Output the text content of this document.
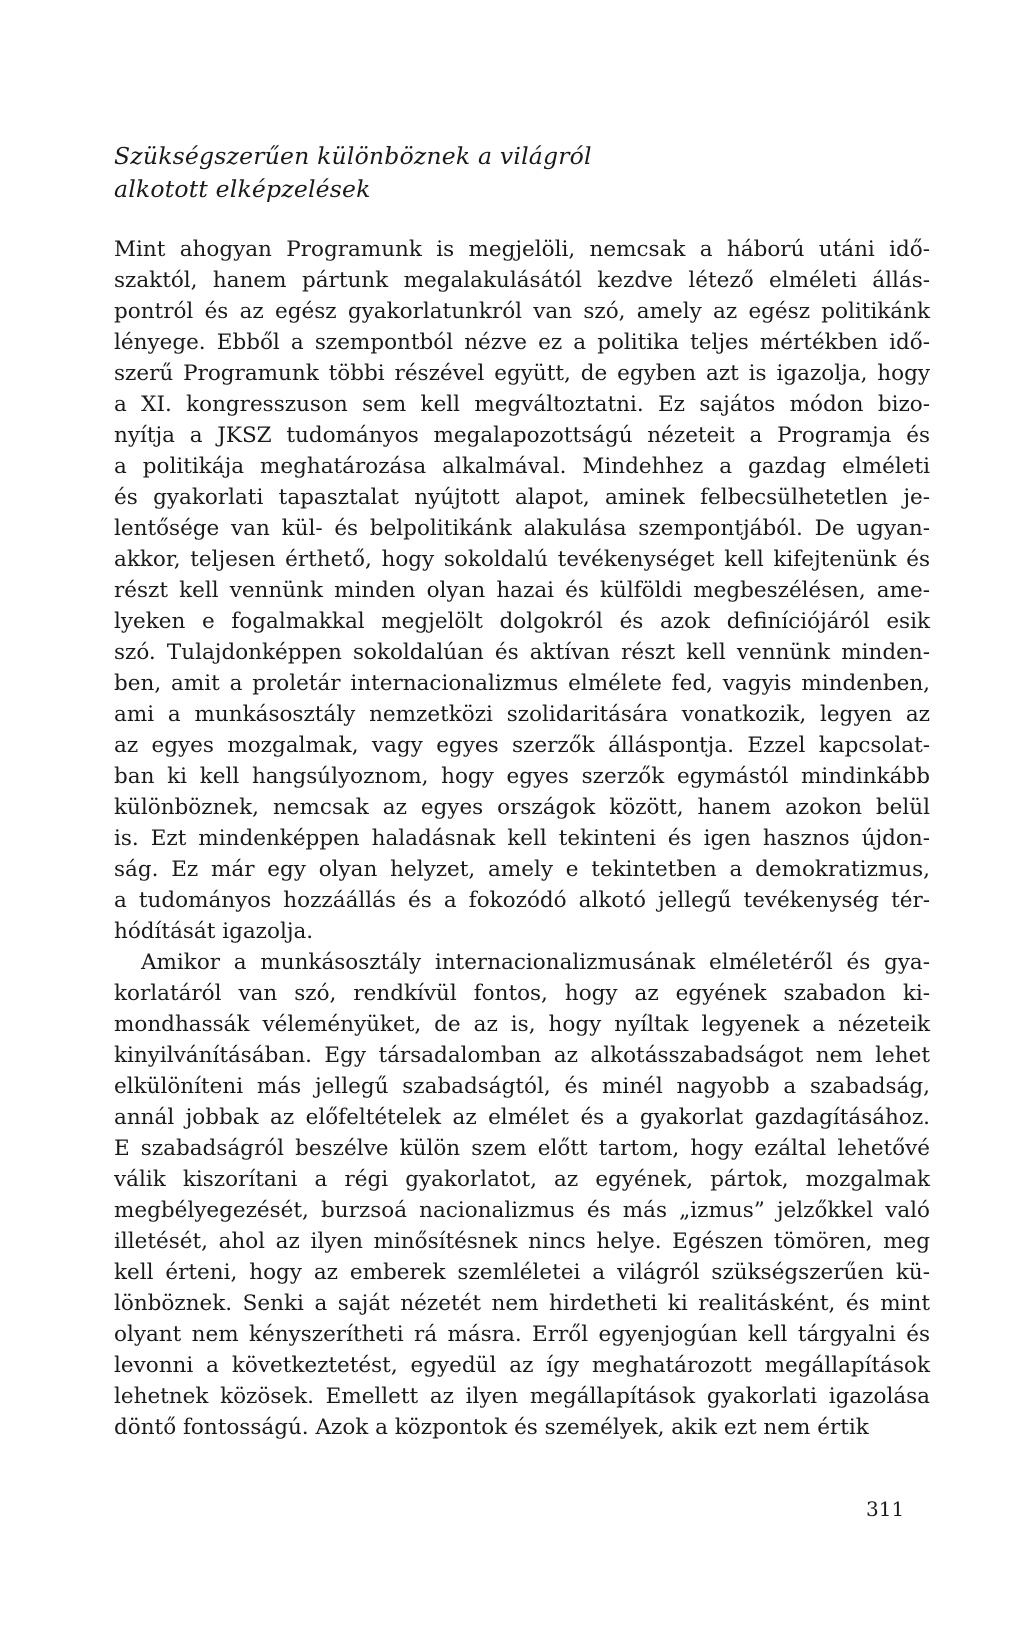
Szükségszerűen különböznek a világról
alkotott elképzelések
Mint ahogyan Programunk is megjelöli, nemcsak a háború utáni idő-
szaktól, hanem pártunk megalakulásától kezdve létező elméleti állás-
pontról és az egész gyakorlatunkról van szó, amely az egész politikánk
lényege. Ebből a szempontból nézve ez a politika teljes mértékben idő-
szerű Programunk többi részével együtt, de egyben azt is igazolja, hogy
a XI. kongresszuson sem kell megváltoztatni. Ez sajátos módon bizo-
nyítja a JKSZ tudományos megalapozottságú nézeteit a Programja és
a politikája meghatározása alkalmával. Mindehhez a gazdag elméleti
és gyakorlati tapasztalat nyújtott alapot, aminek felbecsülhetetlen je-
lentősége van kül- és belpolitikánk alakulása szempontjából. De ugyan-
akkor, teljesen érthető, hogy sokoldalú tevékenységet kell kifejtenünk és
részt kell vennünk minden olyan hazai és külföldi megbeszélésen, ame-
lyeken e fogalmakkal megjelölt dolgokról és azok definíciójáról esik
szó. Tulajdonképpen sokoldalúan és aktívan részt kell vennünk minden-
ben, amit a proletár internacionalizmus elmélete fed, vagyis mindenben,
ami a munkásosztály nemzetközi szolidaritására vonatkozik, legyen az
az egyes mozgalmak, vagy egyes szerzők álláspontja. Ezzel kapcsolat-
ban ki kell hangsúlyoznom, hogy egyes szerzők egymástól mindinkább
különböznek, nemcsak az egyes országok között, hanem azokon belül
is. Ezt mindenképpen haladásnak kell tekinteni és igen hasznos újdon-
ság. Ez már egy olyan helyzet, amely e tekintetben a demokratizmus,
a tudományos hozzáállás és a fokozódó alkotó jellegű tevékenység tér-
hódítását igazolja.
Amikor a munkásosztály internacionalizmusának elméletéről és gya-
korlatáról van szó, rendkívül fontos, hogy az egyének szabadon ki-
mondhassák véleményüket, de az is, hogy nyíltak legyenek a nézeteik
kinyilvánításában. Egy társadalomban az alkotásszabadságot nem lehet
elkülöníteni más jellegű szabadságtól, és minél nagyobb a szabadság,
annál jobbak az előfeltételek az elmélet és a gyakorlat gazdagításához.
E szabadságról beszélve külön szem előtt tartom, hogy ezáltal lehetővé
válik kiszorítani a régi gyakorlatot, az egyének, pártok, mozgalmak
megbélyegezését, burzsoá nacionalizmus és más „izmus” jelzőkkel való
illetését, ahol az ilyen minősítésnek nincs helye. Egészen tömören, meg
kell érteni, hogy az emberek szemléletei a világról szükségszerűen kü-
lönböznek. Senki a saját nézetét nem hirdetheti ki realitásként, és mint
olyant nem kényszerítheti rá másra. Erről egyenjogúan kell tárgyalni és
levonni a következtetést, egyedül az így meghatározott megállapítások
lehetnek közösek. Emellett az ilyen megállapítások gyakorlati igazolása
döntő fontosságú. Azok a központok és személyek, akik ezt nem értik
311
